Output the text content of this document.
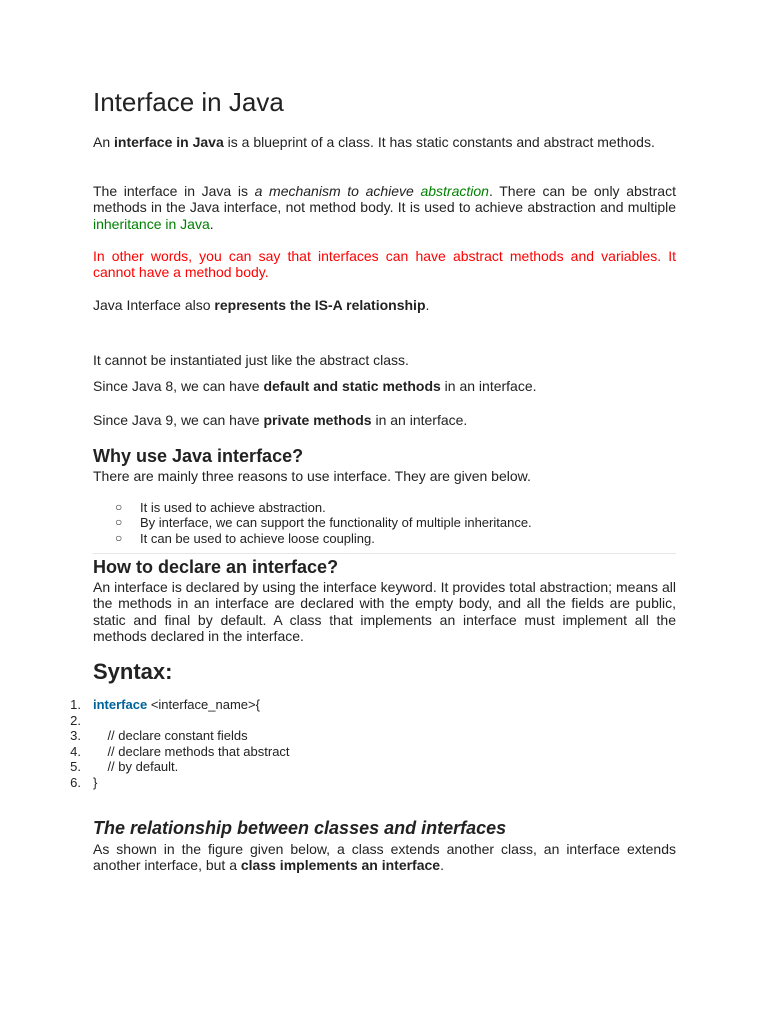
Interface in Java

An interface in Java is a blueprint of a class. It has static constants and abstract methods.

The interface in Java is a mechanism to achieve abstraction. There can be only abstract methods in the Java interface, not method body. It is used to achieve abstraction and multiple inheritance in Java.

In other words, you can say that interfaces can have abstract methods and variables. It cannot have a method body.

Java Interface also represents the IS-A relationship.

It cannot be instantiated just like the abstract class.

Since Java 8, we can have default and static methods in an interface.

Since Java 9, we can have private methods in an interface.

Why use Java interface?

There are mainly three reasons to use interface. They are given below.

○ It is used to achieve abstraction.
○ By interface, we can support the functionality of multiple inheritance.
○ It can be used to achieve loose coupling.
How to declare an interface?

An interface is declared by using the interface keyword. It provides total abstraction; means all the methods in an interface are declared with the empty body, and all the fields are public, static and final by default. A class that implements an interface must implement all the methods declared in the interface.

Syntax:
1. interface <interface_name>{
2.
3. // declare constant fields
4. // declare methods that abstract
5. // by default.
6. }
The relationship between classes and interfaces

As shown in the figure given below, a class extends another class, an interface extends another interface, but a class implements an interface.
